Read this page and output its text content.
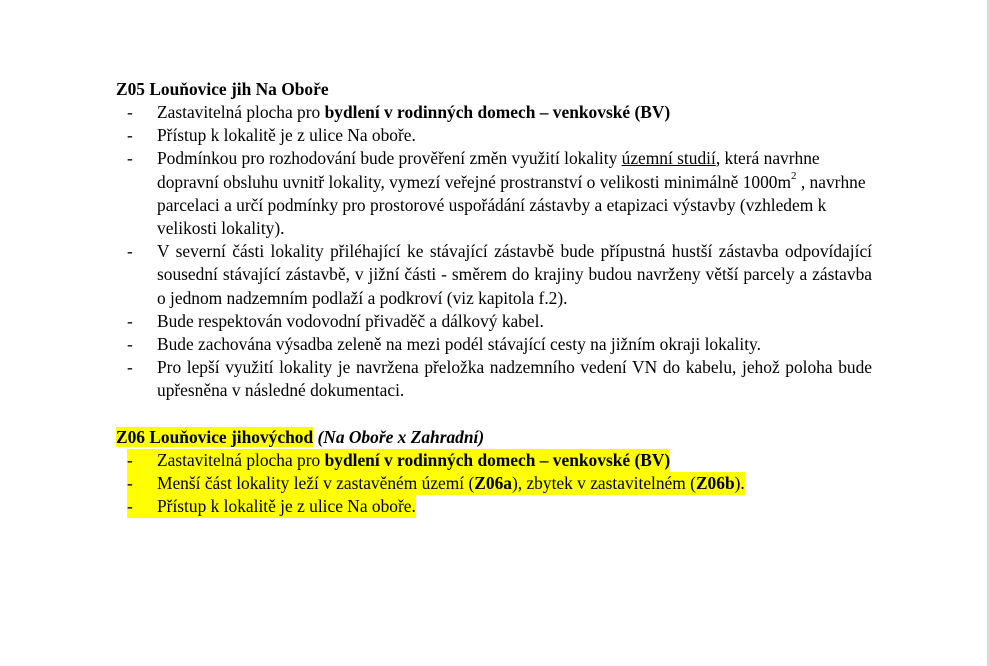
Z05 Louňovice jih Na Oboře
- Zastavitelná plocha pro bydlení v rodinných domech – venkovské (BV)
- Přístup k lokalitě je z ulice Na oboře.
- Podmínkou pro rozhodování bude prověření změn využití lokality územní studií, která navrhne dopravní obsluhu uvnitř lokality, vymezí veřejné prostranství o velikosti minimálně $1000m^2$ , navrhne parcelaci a určí podmínky pro prostorové uspořádání zástavby a etapizaci výstavby (vzhledem k velikosti lokality).
- V severní části lokality přiléhající ke stávající zástavbě bude přípustná hustší zástavba odpovídající sousední stávající zástavbě, v jižní části - směrem do krajiny budou navrženy větší parcely a zástavba o jednom nadzemním podlaží a podkroví (viz kapitola f.2).
- Bude respektován vodovodní přivaděč a dálkový kabel.
- Bude zachována výsadba zeleně na mezi podél stávající cesty na jižním okraji lokality.
- Pro lepší využití lokality je navržena přeložka nadzemního vedení VN do kabelu, jehož poloha bude upřesněna v následné dokumentaci.
Z06 Louňovice jihovýchod (Na Oboře x Zahradní)
- Zastavitelná plocha pro bydlení v rodinných domech – venkovské (BV)
- Menší část lokality leží v zastavěném území (Z06a), zbytek v zastavitelném (Z06b).
- Přístup k lokalitě je z ulice Na oboře.
